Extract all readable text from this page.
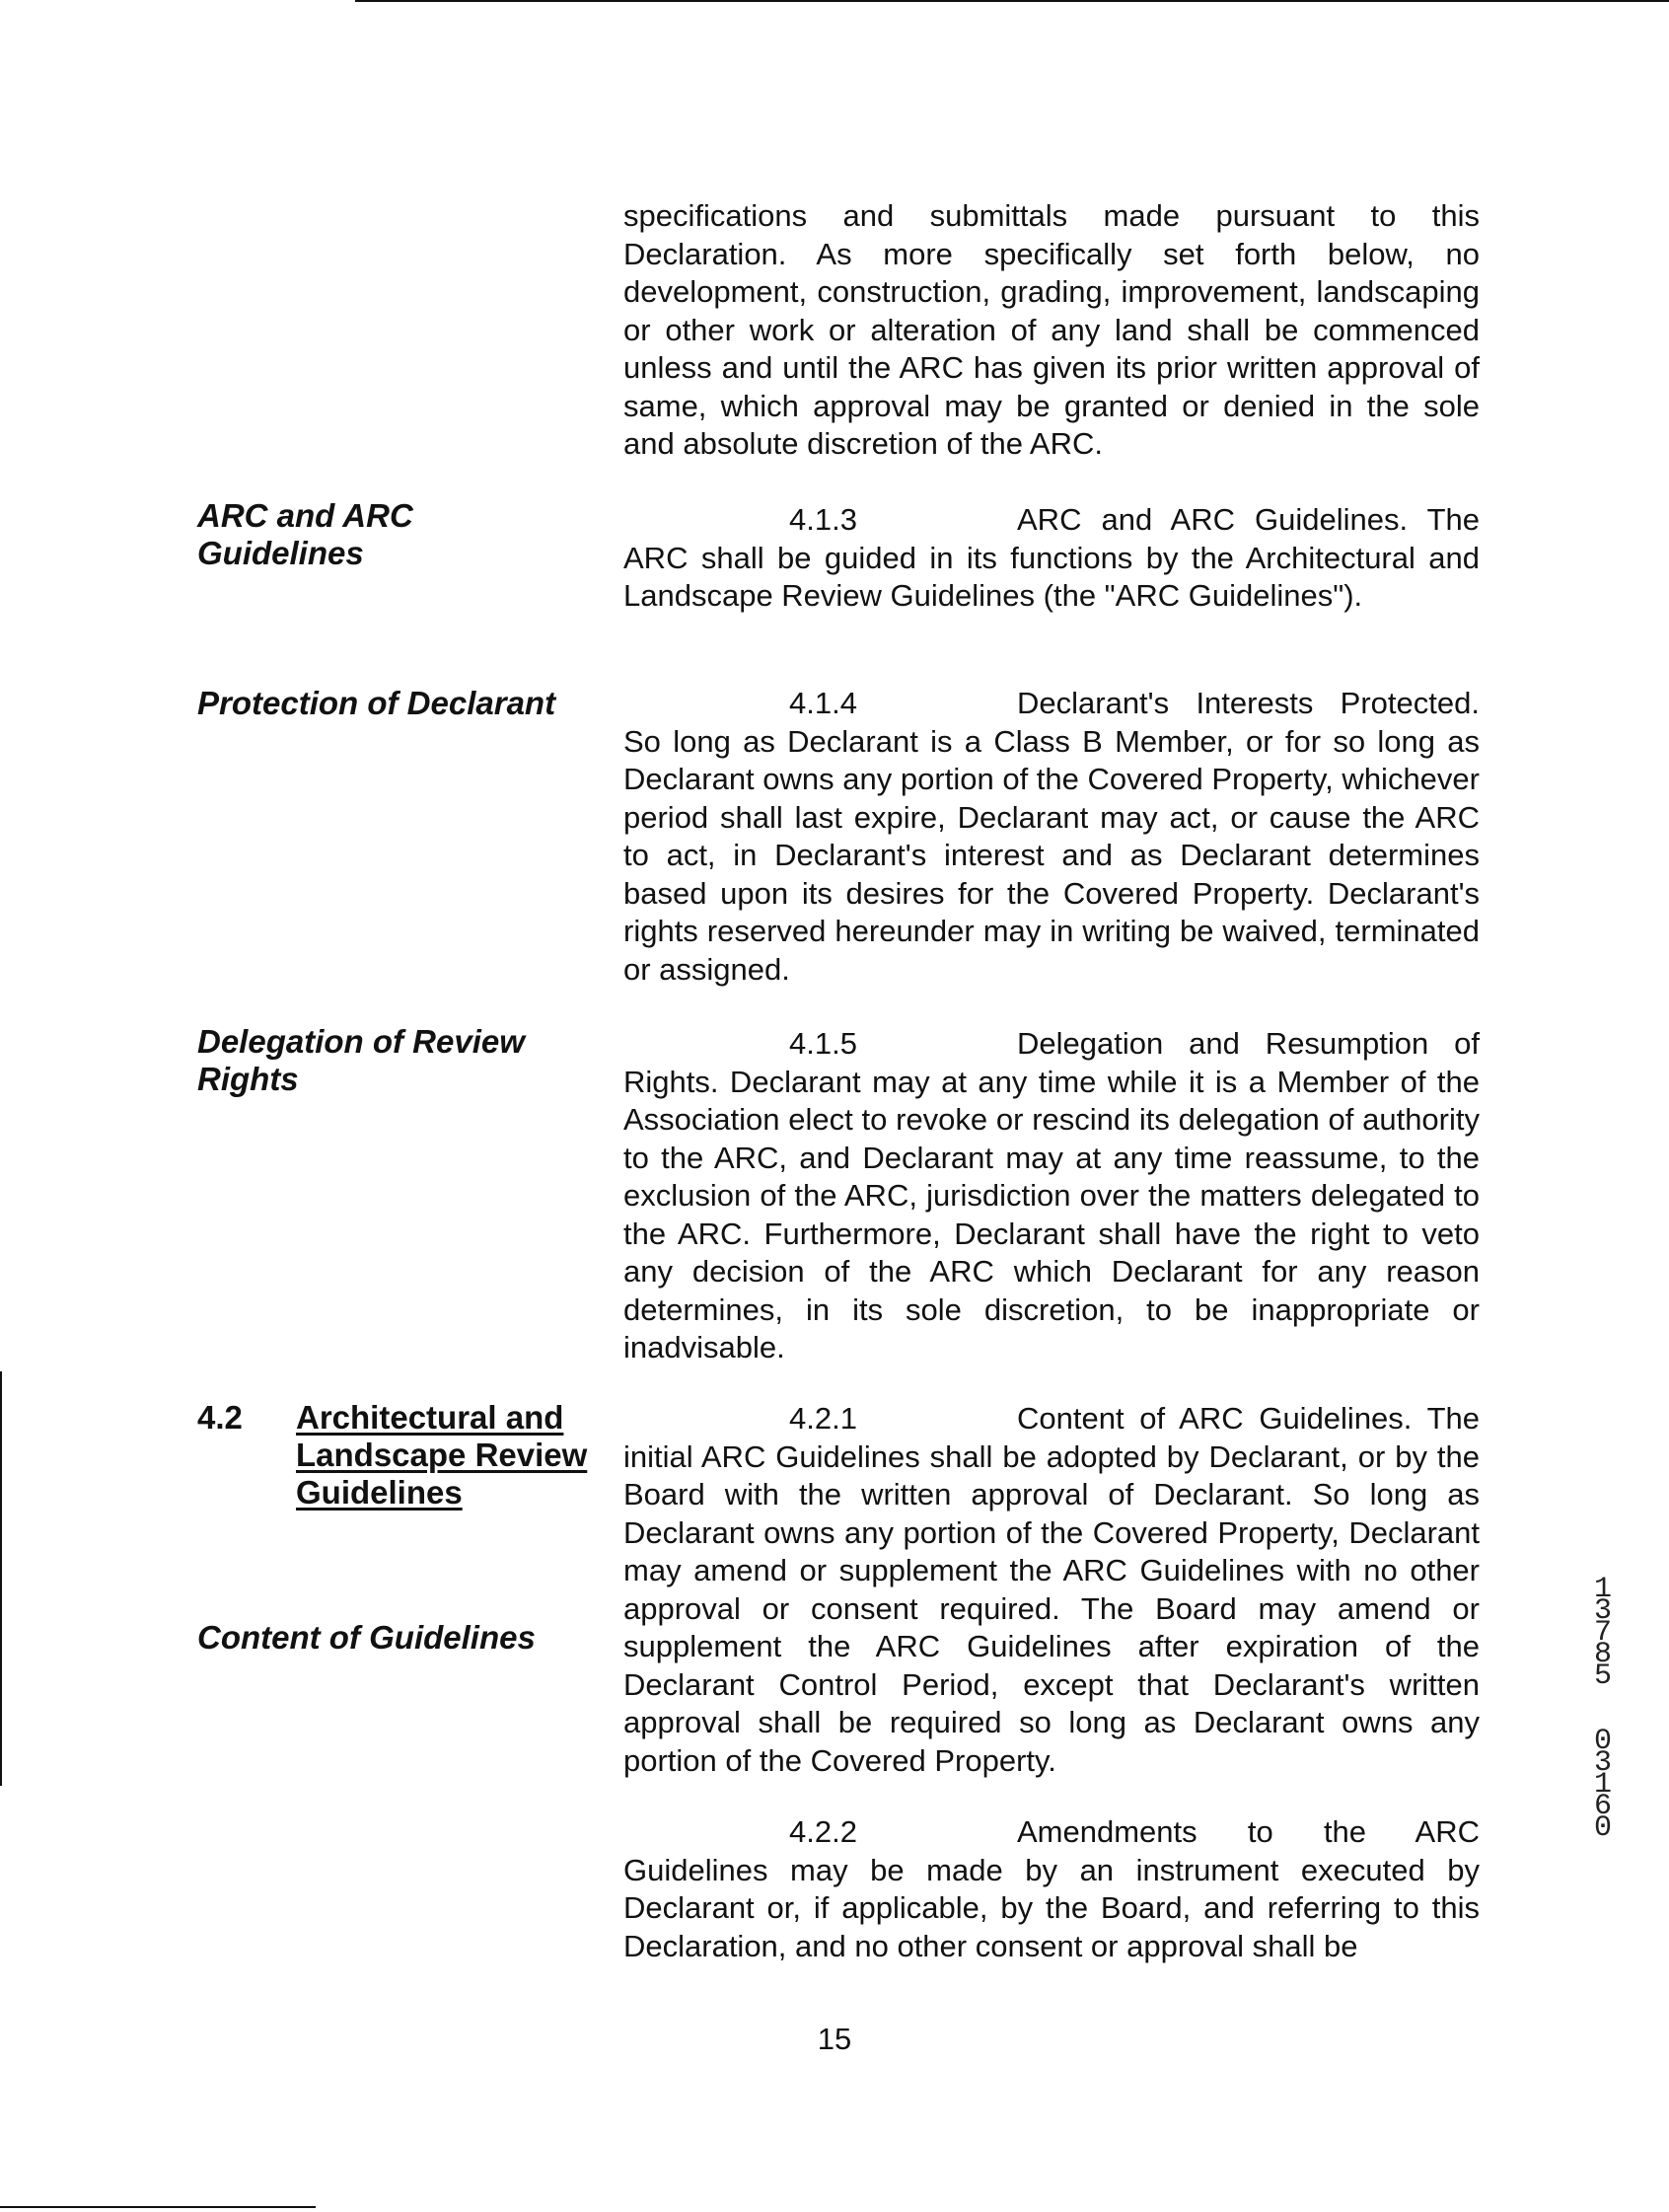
specifications and submittals made pursuant to this Declaration. As more specifically set forth below, no development, construction, grading, improvement, landscaping or other work or alteration of any land shall be commenced unless and until the ARC has given its prior written approval of same, which approval may be granted or denied in the sole and absolute discretion of the ARC.

ARC and ARC
Guidelines

4.1.3	ARC and ARC Guidelines. The ARC shall be guided in its functions by the Architectural and Landscape Review Guidelines (the "ARC Guidelines").

Protection of Declarant	4.1.4	Declarant's Interests Protected. So long as Declarant is a Class B Member, or for so long as Declarant owns any portion of the Covered Property, whichever period shall last expire, Declarant may act, or cause the ARC to act, in Declarant's interest and as Declarant determines based upon its desires for the Covered Property. Declarant's rights reserved hereunder may in writing be waived, terminated or assigned.

Delegation of Review
Rights

4.1.5	Delegation and Resumption of Rights. Declarant may at any time while it is a Member of the Association elect to revoke or rescind its delegation of authority to the ARC, and Declarant may at any time reassume, to the exclusion of the ARC, jurisdiction over the matters delegated to the ARC. Furthermore, Declarant shall have the right to veto any decision of the ARC which Declarant for any reason determines, in its sole discretion, to be inappropriate or inadvisable.

4.2 Architectural and
Landscape Review
Guidelines
Content of Guidelines

4.2.1	Content of ARC Guidelines. The initial ARC Guidelines shall be adopted by Declarant, or by the Board with the written approval of Declarant. So long as Declarant owns any portion of the Covered Property, Declarant may amend or supplement the ARC Guidelines with no other approval or consent required. The Board may amend or supplement the ARC Guidelines after expiration of the Declarant Control Period, except that Declarant's written approval shall be required so long as Declarant owns any portion of the Covered Property.

4.2.2	Amendments to the ARC Guidelines may be made by an instrument executed by Declarant or, if applicable, by the Board, and referring to this Declaration, and no other consent or approval shall be

1
3
7
8
5

0
3
1
6
0
15
